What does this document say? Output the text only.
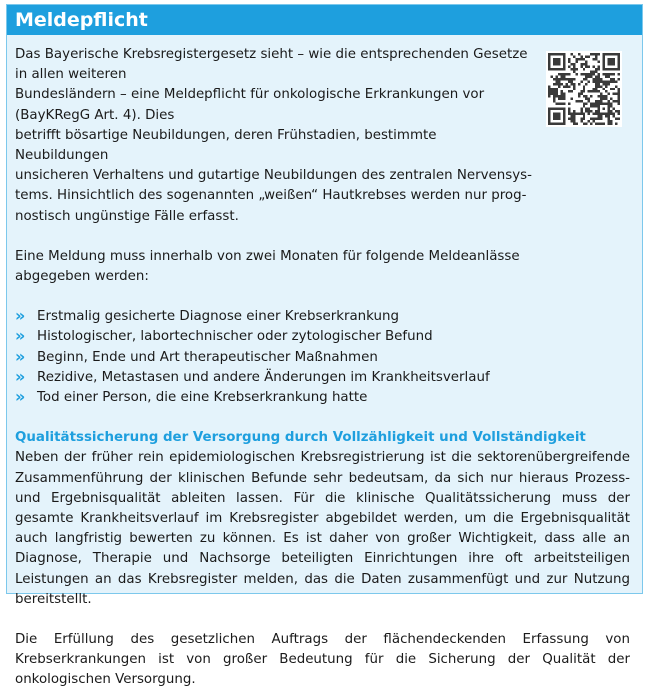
Meldepflicht
Das Bayerische Krebsregistergesetz sieht – wie die entsprechenden Gesetze in allen weiteren
Bundesländern – eine Meldepflicht für onkologische Erkrankungen vor (BayKRegG Art. 4). Dies
betrifft bösartige Neubildungen, deren Frühstadien, bestimmte Neubildungen
unsicheren Verhaltens und gutartige Neubildungen des zentralen Nervensys-
tems. Hinsichtlich des sogenannten „weißen“ Hautkrebses werden nur prog-
nostisch ungünstige Fälle erfasst.

Eine Meldung muss innerhalb von zwei Monaten für folgende Meldeanlässe abgegeben werden:

» Erstmalig gesicherte Diagnose einer Krebserkrankung
» Histologischer, labortechnischer oder zytologischer Befund
» Beginn, Ende und Art therapeutischer Maßnahmen
» Rezidive, Metastasen und andere Änderungen im Krankheitsverlauf
» Tod einer Person, die eine Krebserkrankung hatte

Qualitätssicherung der Versorgung durch Vollzähligkeit und Vollständigkeit

Neben der früher rein epidemiologischen Krebsregistrierung ist die sektorenübergreifende Zusammenführung der klinischen Befunde sehr bedeutsam, da sich nur hieraus Prozess- und Ergebnisqualität ableiten lassen. Für die klinische Qualitätssicherung muss der gesamte Krankheitsverlauf im Krebsregister abgebildet werden, um die Ergebnisqualität auch langfristig bewerten zu können. Es ist daher von großer Wichtigkeit, dass alle an Diagnose, Therapie und Nachsorge beteiligten Einrichtungen ihre oft arbeitsteiligen Leistungen an das Krebsregister melden, das die Daten zusammenfügt und zur Nutzung bereitstellt.

Die Erfüllung des gesetzlichen Auftrags der flächendeckenden Erfassung von Krebserkrankungen ist von großer Bedeutung für die Sicherung der Qualität der onkologischen Versorgung.
